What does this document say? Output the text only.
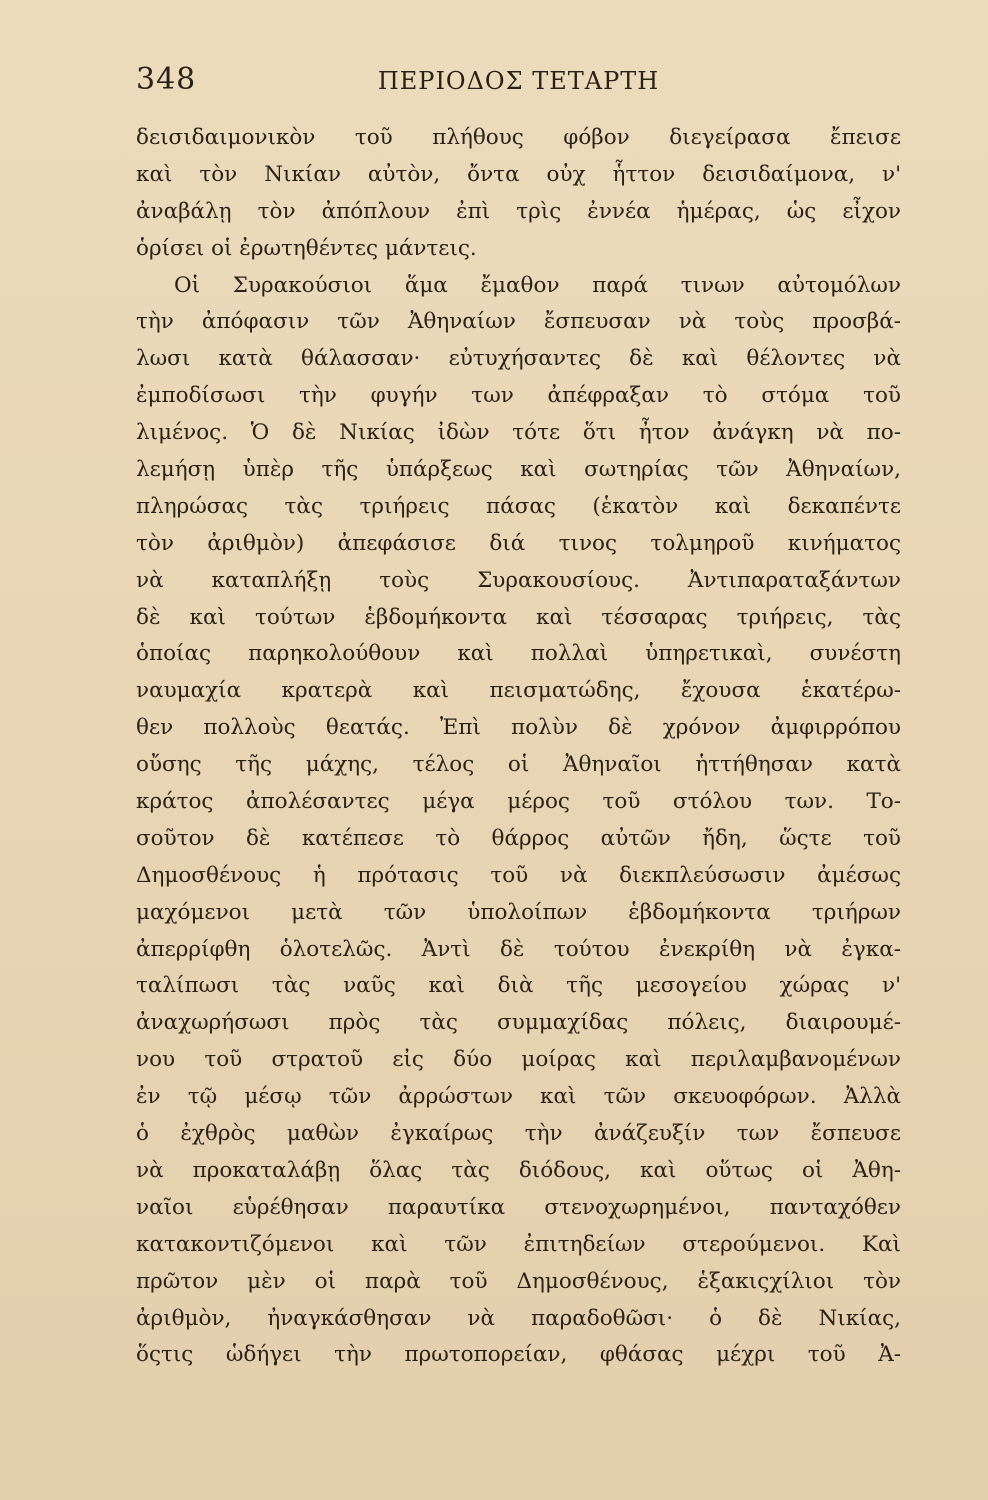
348	ΠΕΡΙΟΔΟΣ ΤΕΤΑΡΤΗ
δεισιδαιμονικὸν τοῦ πλήθους φόβον διεγείρασα ἔπεισε
καὶ τὸν Νικίαν αὐτὸν, ὄντα οὐχ ἧττον δεισιδαίμονα, ν'
ἀναβάλῃ τὸν ἀπόπλουν ἐπὶ τρὶς ἐννέα ἡμέρας, ὡς εἶχον
ὁρίσει οἱ ἐρωτηθέντες μάντεις.
Οἱ Συρακούσιοι ἅμα ἔμαθον παρά τινων αὐτομόλων
τὴν ἀπόφασιν τῶν Ἀθηναίων ἔσπευσαν νὰ τοὺς προσβά-
λωσι κατὰ θάλασσαν· εὐτυχήσαντες δὲ καὶ θέλοντες νὰ
ἐμποδίσωσι τὴν φυγήν των ἀπέφραξαν τὸ στόμα τοῦ
λιμένος. Ὁ δὲ Νικίας ἰδὼν τότε ὅτι ἦτον ἀνάγκη νὰ πο-
λεμήσῃ ὑπὲρ τῆς ὑπάρξεως καὶ σωτηρίας τῶν Ἀθηναίων,
πληρώσας τὰς τριήρεις πάσας (ἑκατὸν καὶ δεκαπέντε
τὸν ἀριθμὸν) ἀπεφάσισε διά τινος τολμηροῦ κινήματος
νὰ καταπλήξῃ τοὺς Συρακουσίους. Ἀντιπαραταξάντων
δὲ καὶ τούτων ἑβδομήκοντα καὶ τέσσαρας τριήρεις, τὰς
ὁποίας παρηκολούθουν καὶ πολλαὶ ὑπηρετικαὶ, συνέστη
ναυμαχία κρατερὰ καὶ πεισματώδης, ἔχουσα ἑκατέρω-
θεν πολλοὺς θεατάς. Ἐπὶ πολὺν δὲ χρόνον ἀμφιρρόπου
οὔσης τῆς μάχης, τέλος οἱ Ἀθηναῖοι ἡττήθησαν κατὰ
κράτος ἀπολέσαντες μέγα μέρος τοῦ στόλου των. Το-
σοῦτον δὲ κατέπεσε τὸ θάρρος αὐτῶν ἤδη, ὥςτε τοῦ
Δημοσθένους ἡ πρότασις τοῦ νὰ διεκπλεύσωσιν ἀμέσως
μαχόμενοι μετὰ τῶν ὑπολοίπων ἑβδομήκοντα τριήρων
ἀπερρίφθη ὁλοτελῶς. Ἀντὶ δὲ τούτου ἐνεκρίθη νὰ ἐγκα-
ταλίπωσι τὰς ναῦς καὶ διὰ τῆς μεσογείου χώρας ν'
ἀναχωρήσωσι πρὸς τὰς συμμαχίδας πόλεις, διαιρουμέ-
νου τοῦ στρατοῦ εἰς δύο μοίρας καὶ περιλαμβανομένων
ἐν τῷ μέσῳ τῶν ἀρρώστων καὶ τῶν σκευοφόρων. Ἀλλὰ
ὁ ἐχθρὸς μαθὼν ἐγκαίρως τὴν ἀνάζευξίν των ἔσπευσε
νὰ προκαταλάβῃ ὅλας τὰς διόδους, καὶ οὕτως οἱ Ἀθη-
ναῖοι εὑρέθησαν παραυτίκα στενοχωρημένοι, πανταχόθεν
κατακοντιζόμενοι καὶ τῶν ἐπιτηδείων στερούμενοι. Καὶ
πρῶτον μὲν οἱ παρὰ τοῦ Δημοσθένους, ἑξακιςχίλιοι τὸν
ἀριθμὸν, ἠναγκάσθησαν νὰ παραδοθῶσι· ὁ δὲ Νικίας,
ὅςτις ὡδήγει τὴν πρωτοπορείαν, φθάσας μέχρι τοῦ Ἀ-
